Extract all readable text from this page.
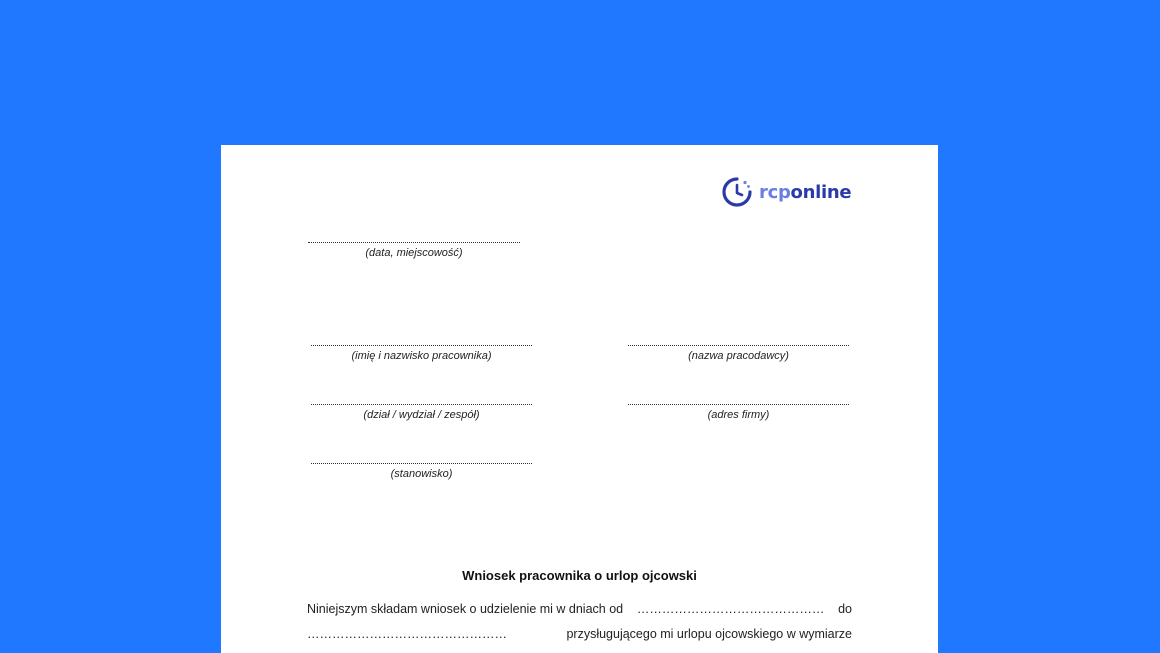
rcponline
(data, miejscowość)
(imię i nazwisko pracownika)	(nazwa pracodawcy)
(dział / wydział / zespół)	(adres firmy)
(stanowisko)
Wniosek pracownika o urlop ojcowski
Niniejszym składam wniosek o udzielenie mi w dniach od ……………………………………… do
…………………………………………	przysługującego mi urlopu ojcowskiego w wymiarze
